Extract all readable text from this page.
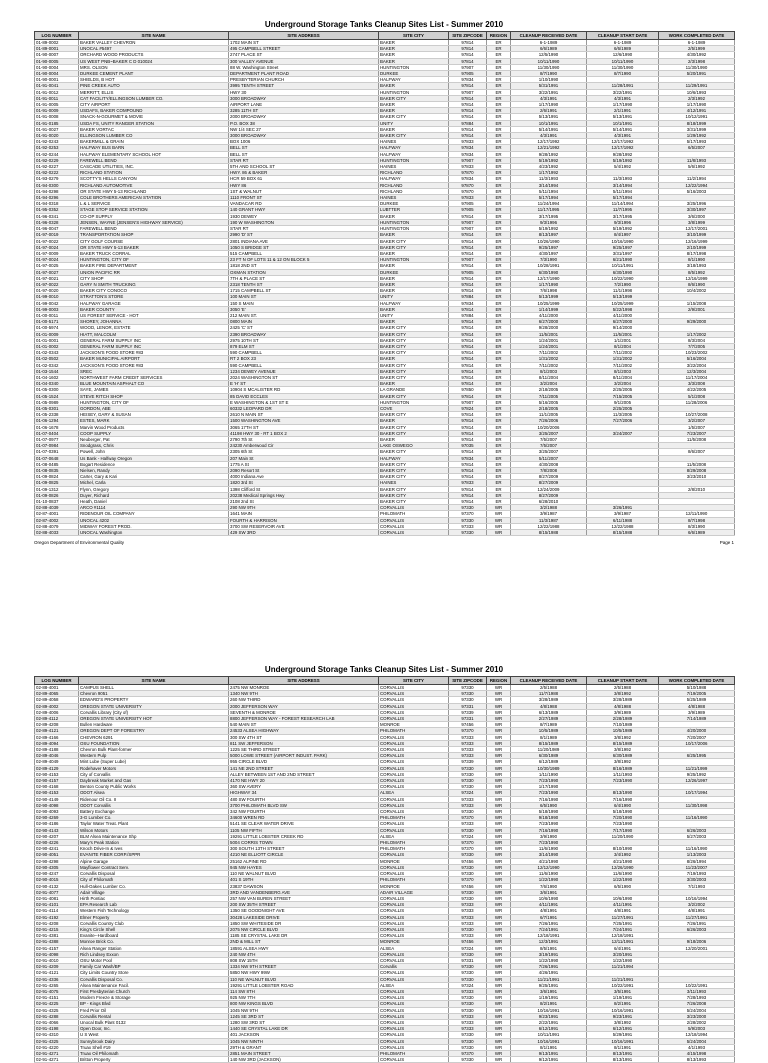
Underground Storage Tanks Cleanup Sites List - Summer 2010
LOG NUMBER	SITE NAME	SITE ADDRESS	SITE CITY	SITE ZIPCODE	REGION	CLEANUP RECEIVED DATE	CLEANUP START DATE	WORK COMPLETED DATE
01-89-0002	BAKER VALLEY CHEVRON	1702 MAIN ST	BAKER	97814	ER	6-1-1989	6-1-1989	6-1-1989
01-89-0001	UNOCAL #5497	495 CAMPBELL STREET	BAKER	97814	ER	6/6/1989	6/6/1989	2/5/1999
01-90-0007	ORCHARD WOOD PRODUCTS	2747 PLACE ST	BAKER	97814	ER	12/5/1990	12/6/1990	4/30/1992
01-90-0005	US WEST PNB~BAKER C D 010024	300 VALLEY AVENUE	BAKER	97814	ER	10/11/1990	10/11/1990	2/3/1998
01-90-0004	MRS. OLSON	88 W. Washington Street	HUNTINGTON	97907	ER	11/30/1990	11/30/1990	11/30/1990
01-90-0004	DURKEE CEMENT PLANT	DEPARTMENT PLANT ROAD	DURKEE	97905	ER	8/7/1990	8/7/1990	5/20/1991
01-90-0001	SHIELDS, B HOT	PRESBYTERIAN CHURCH	HALFWAY	97834	ER	1/10/1990		
01-91-0041	PINE CREEK AUTO	3995 TENTH STREET	BAKER	97814	ER	5/31/1991	11/28/1991	11/29/1991
01-91-0012	MERRITT, ELLIS	HWY 30	HUNTINGTON	97907	ER	3/22/1991	3/22/1991	10/6/1993
01-91-0011	CAT FACILITY/ELLINGSON LUMBER CO.	3000 BROADWAY	BAKER CITY	97814	ER	4/3/1991	4/3/1991	2/3/1992
01-91-0005	CITY AIRPORT	AIRPORT LANE	BAKER	97814	ER	1/17/1990	1/17/1990	1/17/1990
01-91-0009	USDAFS, BAKER COMPOUND	3285 11TH ST	BAKER	97814	ER	2/6/1991	2/1/1991	4/12/1991
01-91-0008	SNACK-N-GOURMET & MOVIE	2000 BROADWAY	BAKER CITY	97814	ER	5/13/1991	5/13/1991	10/12/1991
01-91-0185	USDA FS, UNITY RANGER STATION	P.O. BOX 38	UNITY	97884	ER	10/1/1991	10/1/1991	8/18/1999
01-91-0027	BAKER VORTAC	NW 1/4 SEC 27	BAKER	97814	ER	5/14/1991	5/14/1991	3/31/1999
01-91-0020	ELLINGSON LUMBER CO	3000 BROADWAY	BAKER CITY	97814	ER	4/3/1991	4/3/1991	1/29/1992
01-92-0243	BAKERMILL & GRAIN	BOX 1006	HAINES	97833	ER	12/17/1992	12/17/1992	5/17/1993
01-92-0253	HALFWAY BUS BARN	BELL ST	HALFWAY	97834	ER	12/21/1992	12/17/1992	6/5/2007
01-92-0244	HALFWAY ELEMENTARY SCHOOL HOT	BELL ST	HALFWAY	97834	ER	9/28/1992	9/28/1992	
01-92-0229	FAREWELL BEND	STAR RT	HUNTINGTON	97907	ER	5/19/1992	5/19/1992	11/8/1993
01-92-0227	CASCADE UTILITIES, INC.	5TH AND SCHOOL ST	HAINES	97833	ER	4/23/1992	5/4/1992	5/6/1992
01-92-0222	RICHLAND STATION	HWY. 86 & BAKER	RICHLAND	97870	ER	1/17/1992		
01-93-0279	SCOTTY'S HELLS CANYON	HCR 59 BOX 61	HALFWAY	97834	ER	11/3/1993	11/3/1993	11/2/1994
01-94-0300	RICHLAND AUTOMOTIVE	HWY 86	RICHLAND	97870	ER	3/14/1994	3/14/1994	12/22/1994
01-94-0298	OR STATE HWY 5-13 RICHLAND	1ST & WALNUT	RICHLAND	97870	ER	5/11/1994	5/11/1994	5/16/2003
01-94-0296	COLE BROTHERS AMERICAN STATION	1110 FRONT ST	HAINES	97833	ER	5/17/1994	5/17/1994	
01-94-0318	L & L SERVICE	VANDACAR RD	DURKEE	97905	ER	11/24/1994	11/14/1994	3/25/1996
01-95-0352	STAGE STOP SERVICE STATION	140 GRANT HWY	LUBTTER	97905	ER	11/17/1995	11/7/1995	3/30/1997
01-96-0341	CO-OP SUPPLY	1930 DEWEY	BAKER	97814	ER	3/17/1995	3/17/1995	3/6/2000
01-96-0328	JENSEN, WAYNE (JENSEN'S HIGHWAY SERVICE)	190 W WASHINGTON	HUNTINGTON	97907	ER	9/3/1996	9/3/1996	3/8/1999
01-96-0047	FAREWELL BEND	STAR RT	HUNTINGTON	97907	ER	5/19/1992	5/19/1992	12/17/2001
01-97-0019	TRANSPORTATION SHOP	2990 'D' ST	BAKER	97814	ER	8/13/1997	8/4/1997	3/10/1999
01-97-0022	CITY GOLF COURSE	2801 INDIANA AVE	BAKER CITY	97814	ER	10/26/1990	10/16/1990	12/16/1999
01-97-0024	OR STATE HWY 5-13 BAKER	1050 S BRIDGE ST	BAKER CITY	97814	ER	9/25/1997	9/25/1997	2/10/1999
01-97-0009	BAKER TRUCK CORRAL	515 CAMPBELL	BAKER	97814	ER	4/30/1997	3/31/1997	8/17/1998
01-97-0024	HUNTINGTON, CITY OF	23 FT N OF LOTS 11 & 12 ON BLOCK 5	HUNTINGTON	97907	ER	7/3/1990	6/21/1990	8/1/1990
01-97-0025	BAKER FIRE DEPARTMENT	1818 2ND ST	BAKER	97814	ER	10/28/1991	10/11/1991	3/18/1993
01-97-0027	UNION PACIFIC RR	OXMAN STATION	DURKEE	97905	ER	6/30/1990	6/30/1990	8/5/1992
01-97-0021	CITY SHOP	7TH & PLACE ST	BAKER	97814	ER	12/17/1990	10/22/1990	12/16/1999
01-97-0022	GARY N SMITH TRUCKING	2318 TENTH ST	BAKER	97814	ER	1/17/1990	7/2/1990	8/6/1990
01-97-0020	BAKER CITY CONOCO	1715 CAMPBELL ST	BAKER	97814	ER	7/6/1998	11/1/1998	10/4/2002
01-99-0010	STRATTON'S STORE	100 MAIN ST	UNITY	97884	ER	5/13/1999	5/13/1999	
01-99-0042	HALFWAY GARAGE	150 S MAIN	HALFWAY	97834	ER	10/25/1999	10/25/1999	1/15/2008
01-99-0003	BAKER COUNTY	3050 'E'	BAKER	97814	ER	1/14/1999	5/22/1998	2/9/2001
01-00-0011	US FOREST SERVICE - HOT	212 MAIN ST.	UNITY	97884	ER	4/11/2000	4/11/2000	
01-00-5171	SHOREY, JOHANNA	0800 MAIN	BAKER	97814	ER	6/27/2000	6/27/2000	9/29/2000
01-00-5974	WOOD, LENOR, ESTATE	2425 'C' ST	BAKER CITY	97814	ER	9/28/2000	9/14/2000	
01-01-0009	HIATT, MALCOLM	2390 BROADWAY	BAKER CITY	97814	ER	11/5/2001	11/5/2001	1/17/2002
01-01-0001	GENERAL FARM SUPPLY INC	2975 10TH ST	BAKER CITY	97814	ER	1/24/2001	1/1/2001	8/3/2004
01-01-0002	GENERAL FARM SUPPLY INC	879 ELM ST	BAKER CITY	97814	ER	1/24/2001	8/1/2004	7/7/2005
01-02-0343	JACKSON'S FOOD STORE #83	590 CAMPBELL	BAKER CITY	97814	ER	7/11/2002	7/11/2002	10/23/2002
01-02-0502	BAKER MUNICIPAL AIRPORT	RT 2 BOX 23	BAKER	97814	ER	1/31/2002	1/31/2002	5/16/2004
01-02-0342	JACKSON'S FOOD STORE #83	590 CAMPBELL	BAKER CITY	97814	ER	7/11/2002	7/11/2002	3/22/2004
01-03-1544	SREC	1234 DEWEY AVENUE	BAKER CITY	97814	ER	8/1/2003	8/1/2003	12/3/2004
01-04-1602	NORTHWEST FARM CREDIT SERVICES	2024 WASHINGTON ST	BAKER CITY	97814	ER	8/11/2004	8/11/2004	11/17/2004
01-04-0340	BLUE MOUNTAIN ASPHALT CO	E 'H' ST	BAKER	97814	ER	3/2/2004	3/2/2004	3/3/2008
01-05-0300	SAYE, JAMES	10904 S MCALISTER RD	LA GRANDE	97850	ER	2/18/2005	2/25/2005	4/22/2005
01-05-1524	STEVE RITCH SHOP	85 DAVID ECCLES	BAKER CITY	97814	ER	7/11/2005	7/15/2005	5/1/2008
01-05-0989	HUNTINGTON, CITY OF	E WASHINGTON & 1ST ST E	HUNTINGTON	97907	ER	5/16/2005	9/1/2005	11/28/2006
01-05-0301	GORDON, ABE	60332 LEOPARD DR	COVE	97824	ER	2/18/2005	2/25/2005	
01-05-2338	HEISEY, GARY & SUSAN	2610 N MAIN ST	BAKER CITY	97814	ER	11/1/2005	11/3/2005	10/27/2008
01-06-1294	ESTES, MARK	1500 WASHINGTON AVE	BAKER	97814	ER	7/26/2006	7/27/2006	3/2/2007
01-06-1678	Marvin Wood Products	3065 17TH ST	BAKER CITY	97814	ER	10/20/2006		1/5/2007
01-07-0404	COOP SUPPLY	41198 HWY 30 - RT 1 BOX 2	BAKER CITY	97814	ER	3/25/2007	3/24/2007	7/23/2007
01-07-0977	Neuberger, Pat	2790 7th St	BAKER	97814	ER	7/5/2007		11/5/2008
01-07-0984	Snodgrass, Chris	24230 Amberwood Cir	LAKE OSWEGO	97035	ER	7/5/2007		
01-07-0391	Powell, John	2305 6th St	BAKER CITY	97814	ER	3/25/2007		8/6/2007
01-07-0648	Us Bank - Halfway Oregon	207 Main St	HALFWAY	97834	ER	5/11/2007		
01-08-0485	Bogart Residence	1775 A St	BAKER CITY	97814	ER	4/30/2008		11/5/2008
01-08-0835	Nielsen, Randy	2090 Resort St	BAKER CITY	97814	ER	7/8/2008		8/29/2008
01-09-0824	Carter, Gary & Kari	4000 Indiana Ave	BAKER CITY	97814	ER	8/27/2009		3/23/2010
01-09-0825	Michel, Carla	1820 3rd St	HAINES	97833	ER	8/27/2009		
01-09-1312	Flynn, Gregory	1398 Clifford St	BAKER CITY	97814	ER	12/24/2009		2/8/2010
01-09-0826	Duyer, Richard	20238 Medical Springs Hwy	BAKER CITY	97814	ER	8/27/2009		
01-10-0837	Heath, Daniel	2108 2nd St	BAKER CITY	97814	ER	6/28/2010		
02-88-4039	ARCO #1114	290 NW 9TH	CORVALLIS	97330	WR	3/2/1988	3/26/1991	
02-87-4001	RIDENOUR OIL COMPANY	1641 MAIN	PHILOMATH	97370	WR	3/9/1987	3/9/1987	12/11/1990
02-87-4002	UNOCAL 4202	FOURTH & HARRISON	CORVALLIS	97330	WR	11/3/1987	6/11/1988	8/7/1998
02-88-4079	MIDWAY FOREST PROD.	3700 SW RESERVOIR AVE	CORVALLIS	97333	WR	12/22/1988	12/22/1988	8/3/1990
02-88-4033	UNOCAL Washington	429 SW 3RD	CORVALLIS	97330	WR	8/15/1988	8/15/1988	6/6/1989
Oregon Department of Environmental Quality	Page 1
Underground Storage Tanks Cleanup Sites List - Summer 2010
LOG NUMBER	SITE NAME	SITE ADDRESS	SITE CITY	SITE ZIPCODE	REGION	CLEANUP RECEIVED DATE	CLEANUP START DATE	WORK COMPLETED DATE
02-88-4001	CAMPUS SHELL	2475 NW MONROE	CORVALLIS	97330	WR	2/5/1988	2/5/1988	5/10/1988
02-89-4065	Chevron 9051	1340 NW 9TH	CORVALLIS	97330	WR	11/7/1988	3/8/1992	7/19/2005
02-89-4058	EDWARD'S PROPERTY	260 NW THIRD	CORVALLIS	97330	WR	3/28/1989	3/28/1989	5/25/1989
02-89-4002	OREGON STATE UNIVERSITY	2000 JEFFERSON WAY	CORVALLIS	97331	WR	4/8/1988	4/8/1988	4/8/1988
02-89-4006	Corvallis Library (City of)	SEVENTH & MONROE	CORVALLIS	97339	WR	6/13/1989	3/9/1989	3/9/1989
02-89-4112	OREGON STATE UNIVERSITY HOT	8800 JEFFERSON WAY - FOREST RESEARCH LAB	CORVALLIS	97331	WR	2/27/1989	2/28/1989	7/14/1989
02-89-4208	Bullen Hardware	540 MAIN ST	MONROE	97456	WR	8/7/1989	7/10/1989	
02-89-4121	OREGON DEPT OF FORESTRY	24533 ALSEA HIGHWAY	PHILOMATH	97370	WR	10/5/1989	10/5/1989	4/20/2000
02-89-4166	CHEVRON 6291	300 SW 4TH ST	CORVALLIS	97333	WR	8/1/1989	3/8/1992	7/20/2007
02-89-4094	OSU FOUNDATION	811 SW JEFFERSON	CORVALLIS	97333	WR	8/15/1989	8/15/1989	10/17/2006
02-89-4188	Chevron Bulk Plant-former	1225 SE THIRD STREET	CORVALLIS	97333	WR	11/20/1989	3/8/1992	
02-89-4046	Western Pulp	5000 LOWE STREET (AIRPORT INDUST. PARK)	CORVALLIS	97333	WR	6/30/1989	6/30/1989	6/25/1995
02-89-4049	Mint Lube (Super Lube)	955 CIRCLE BLVD	CORVALLIS	97339	WR	6/12/1989	3/8/1992	
02-89-4129	Rodehaver Motors	141 NE 2ND STREET	CORVALLIS	97330	WR	10/30/1989	8/16/1989	11/21/1999
02-90-4153	City of Corvallis	ALLEY BETWEEN 1ST AND 2ND STREET	CORVALLIS	97330	WR	1/11/1990	1/11/1993	9/25/1992
02-90-4157	Daybreak Market and Gas	4170 NE HWY 20	CORVALLIS	97330	WR	7/23/1990	7/23/1990	12/26/1997
02-90-4168	Benton County Public Works	360 SW AVERY	CORVALLIS	97330	WR	1/17/1990		
02-90-4153	ODOT Alsea	HIGHWAY 34	ALSEA	97324	WR	7/23/1990	8/13/1990	10/17/1994
02-90-4149	Ridenour Oil Co. II	480 SW FOURTH	CORVALLIS	97333	WR	7/16/1990	7/16/1990	
02-90-4098	ODOT Corvallis	3700 PHILOMATH BLVD SW	CORVALLIS	97333	WR	6/5/1990	6/4/1990	11/30/1998
02-90-4093	Battery Exchange	342 NW FOURTH	CORVALLIS	97330	WR	5/18/1990	5/18/1990	
02-90-4269	3-G Lumber Co.	34600 WREN RD	PHILOMATH	97370	WR	9/18/1990	7/20/1990	11/16/1990
02-90-4186	Taylor Water Treat. Plant	5141 SE CLEAR WATER DRIVE	CORVALLIS	97333	WR	7/23/1990	7/23/1990	
02-90-4143	Wilson Motors	1105 NW FIFTH	CORVALLIS	97330	WR	7/16/1990	7/17/1990	6/26/2003
02-90-4207	BLM Alsea Maintenance Shp	19291 LITTLE LOBSTER CREEK RD	ALSEA	97324	WR	3/9/1990	11/20/1990	5/27/2003
02-90-4226	Mary's Peak Station	5004 CORRIS TOWN	PHILOMATH	97370	WR	7/23/1990		
02-90-4241	Knoch Drive-In & Ives	300 SOUTH 13TH STREET	PHILOMATH	97370	WR	11/6/1990	8/10/1990	11/16/1990
02-90-4051	EVANITE FIBER CORP./SPPR	4210 NE ELLIOTT CIRCLE	CORVALLIS	97330	WR	3/14/1990	3/4/1992	1/13/2003
02-90-4298	Alpine Garage	25162 ALPINE RD	MONROE	97456	WR	4/21/1990	4/21/1990	8/26/1994
02-90-4305	Mayflower Contract Serv.	945 NW HAYES	CORVALLIS	97330	WR	12/12/1990	12/26/1990	11/23/2007
02-90-4247	Corvallis Disposal	110 NE WALNUT BLVD	CORVALLIS	97330	WR	11/6/1990	11/6/1990	7/19/1993
02-90-4015	City of Philomath	401 S 19TH	PHILOMATH	97370	WR	1/22/1990	1/22/1990	3/30/2003
02-90-4132	Hull-Oakes Lumber Co.	23837 DAWSON	MONROE	97456	WR	7/6/1990	6/5/1990	7/1/1993
02-91-4077	Adair Village	3RD AND VANDENBERG AVE	ADAIR VILLAGE	97330	WR	3/6/1991		
02-91-4081	Hirth Pontiac	257 NW VAN BUREN STREET	CORVALLIS	97330	WR	10/6/1990	10/6/1990	10/16/1994
02-91-4101	EPA Research Lab	200 SW 35TH STREET	CORVALLIS	97333	WR	4/11/1991	4/11/1991	3/2/2002
02-91-4114	Western Fish Technology	1350 SE GOODNIGHT AVE	CORVALLIS	97333	WR	4/8/1991	4/8/1991	4/8/1991
02-91-4192	Elmer Property	30428 LAKESIDE DRIVE	CORVALLIS	97333	WR	6/7/1991	11/27/1991	11/27/1991
02-91-4208	Corvallis Country Club	1850 SW WHITESIDE DR	CORVALLIS	97333	WR	7/26/1991	7/25/1991	7/26/1991
02-91-4215	King's Circle Shell	2075 NW CIRCLE BLVD	CORVALLIS	97330	WR	7/24/1991	7/24/1991	6/26/2003
02-91-4381	Evanite--Hardboard	1185 SE CRYSTAL LAKE DR	CORVALLIS	97333	WR	12/18/1991	12/18/1991	
02-91-4388	Monroe Brick Co.	2ND & MILL ST	MONROE	97456	WR	12/3/1991	12/11/1991	9/18/2006
02-91-4157	Alsea Ranger Station	18591 ALSEA HWY	ALSEA	97324	WR	8/5/1991	6/4/1991	12/20/2001
02-91-4098	Rich Lindsey Exxon	240 NW 4TH	CORVALLIS	97330	WR	3/19/1991	3/20/1991	
02-91-4010	OSU Motor Pool	808 SW 15TH	CORVALLIS	97331	WR	1/22/1990	1/22/1990	
02-91-4209	Family Car Wash/BP	1334 NW 9TH STREET	Corvallis	97330	WR	7/26/1991	11/21/1994	
02-91-4121	City Limits Country Store	5850 NW HWY 99W	CORVALLIS	97330	WR	4/26/1991		
02-91-4336	Corvallis Disposal Co.	110 NE WALNUT BLVD	CORVALLIS	97330	WR	11/21/1991	11/21/1991	
02-91-4265	Alsea Maintenance Facil.	19291 LITTLE LOBSTER ROAD	ALSEA	97324	WR	9/25/1991	10/22/1991	10/22/1991
02-91-4075	First Presbyterian Church	114 SW 8TH	CORVALLIS	97333	WR	3/6/1991	3/5/1991	3/11/1993
02-91-4151	Modern Freeze & Storage	925 NW 7TH	CORVALLIS	97330	WR	1/19/1991	1/19/1991	7/28/1993
02-91-4225	BP - Kings Blvd	800 NW KINGS BLVD	CORVALLIS	97330	WR	8/2/1991	8/2/1991	7/26/2008
02-91-4325	Fred Prior Oil	1045 NW 9TH	CORVALLIS	97330	WR	10/16/1991	10/16/1991	5/24/2004
02-91-4288	Corvallis Rental	1245 SE 3RD ST	CORVALLIS	97333	WR	9/23/1991	9/23/1991	3/23/2000
02-91-4066	Unocal Bulk Plant 0132	1280 SW 3RD ST	CORVALLIS	97333	WR	2/22/1991	3/8/1992	2/28/2002
02-91-4198	Open Door, Inc.	1440 SE CRYSTAL LAKE DR	CORVALLIS	97333	WR	6/12/1991	6/12/1991	5/9/2003
02-91-4310	U S West	401 JACKSON	CORVALLIS	97330	WR	10/11/1991	5/29/1991	12/18/1994
02-91-4325	Sunnybrook Dairy	1045 NW NINTH	CORVALLIS	97330	WR	10/16/1991	10/16/1991	5/24/2004
02-91-4220	Truax Shell #19	29TH & GRANT	CORVALLIS	97330	WR	8/1/1991	8/1/1991	4/1/1993
02-91-4271	Truax Oil Philomath	2851 MAIN STREET	PHILOMATH	97370	WR	9/13/1991	8/13/1991	4/15/1998
02-91-4271	Britton Property	140 NW 3RD (JACKSON)	CORVALLIS	97330	WR	9/12/1991	8/13/1991	8/13/1993
